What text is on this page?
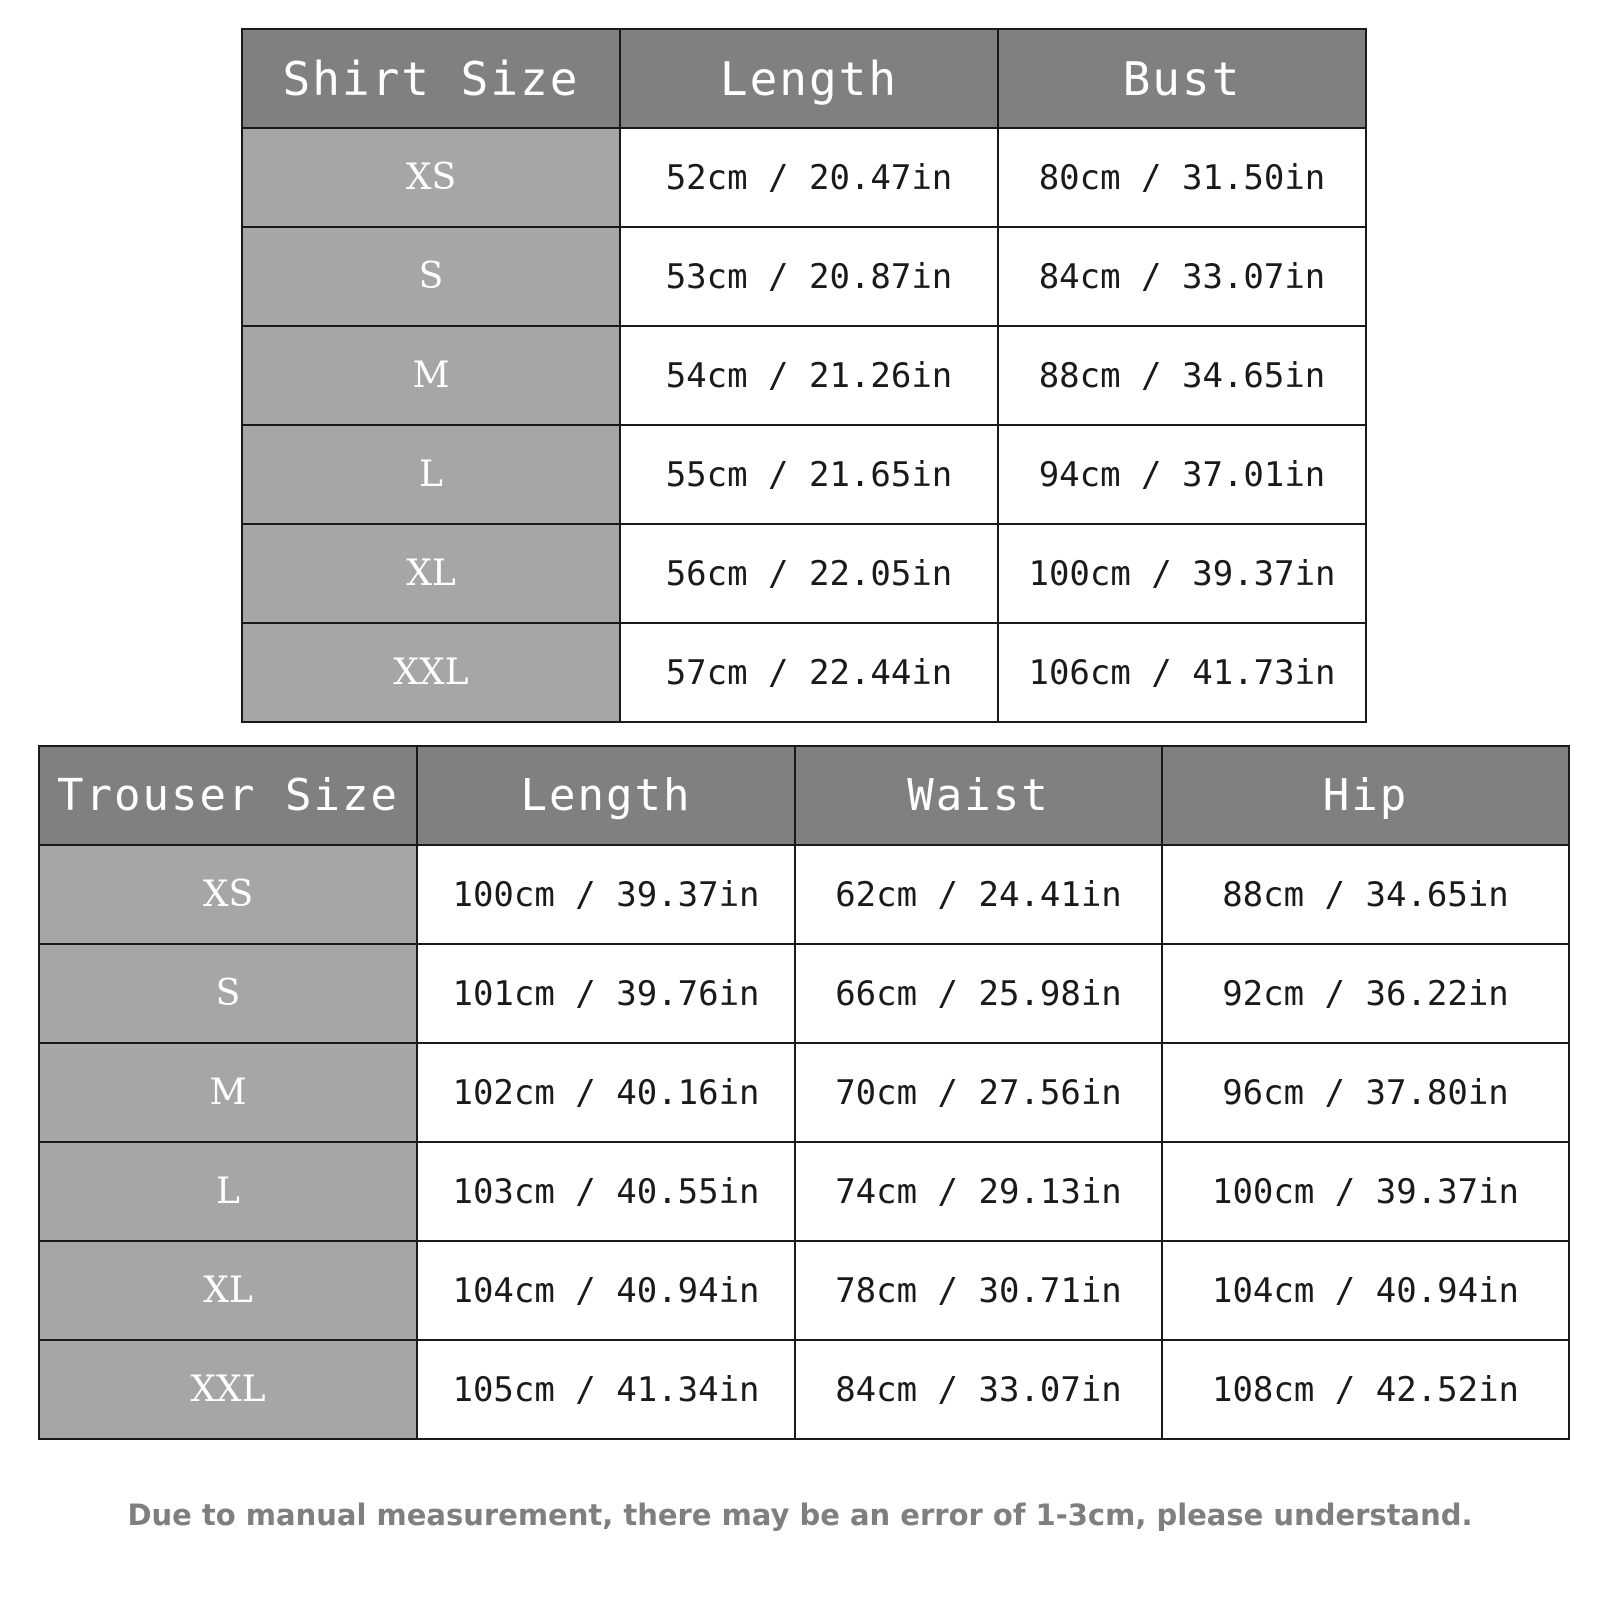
Shirt Size	Length	Bust
XS	52cm / 20.47in	80cm / 31.50in
S	53cm / 20.87in	84cm / 33.07in
M	54cm / 21.26in	88cm / 34.65in
L	55cm / 21.65in	94cm / 37.01in
XL	56cm / 22.05in	100cm / 39.37in
XXL	57cm / 22.44in	106cm / 41.73in
Trouser Size	Length	Waist	Hip
XS	100cm / 39.37in	62cm / 24.41in	88cm / 34.65in
S	101cm / 39.76in	66cm / 25.98in	92cm / 36.22in
M	102cm / 40.16in	70cm / 27.56in	96cm / 37.80in
L	103cm / 40.55in	74cm / 29.13in	100cm / 39.37in
XL	104cm / 40.94in	78cm / 30.71in	104cm / 40.94in
XXL	105cm / 41.34in	84cm / 33.07in	108cm / 42.52in
Due to manual measurement, there may be an error of 1-3cm, please understand.
